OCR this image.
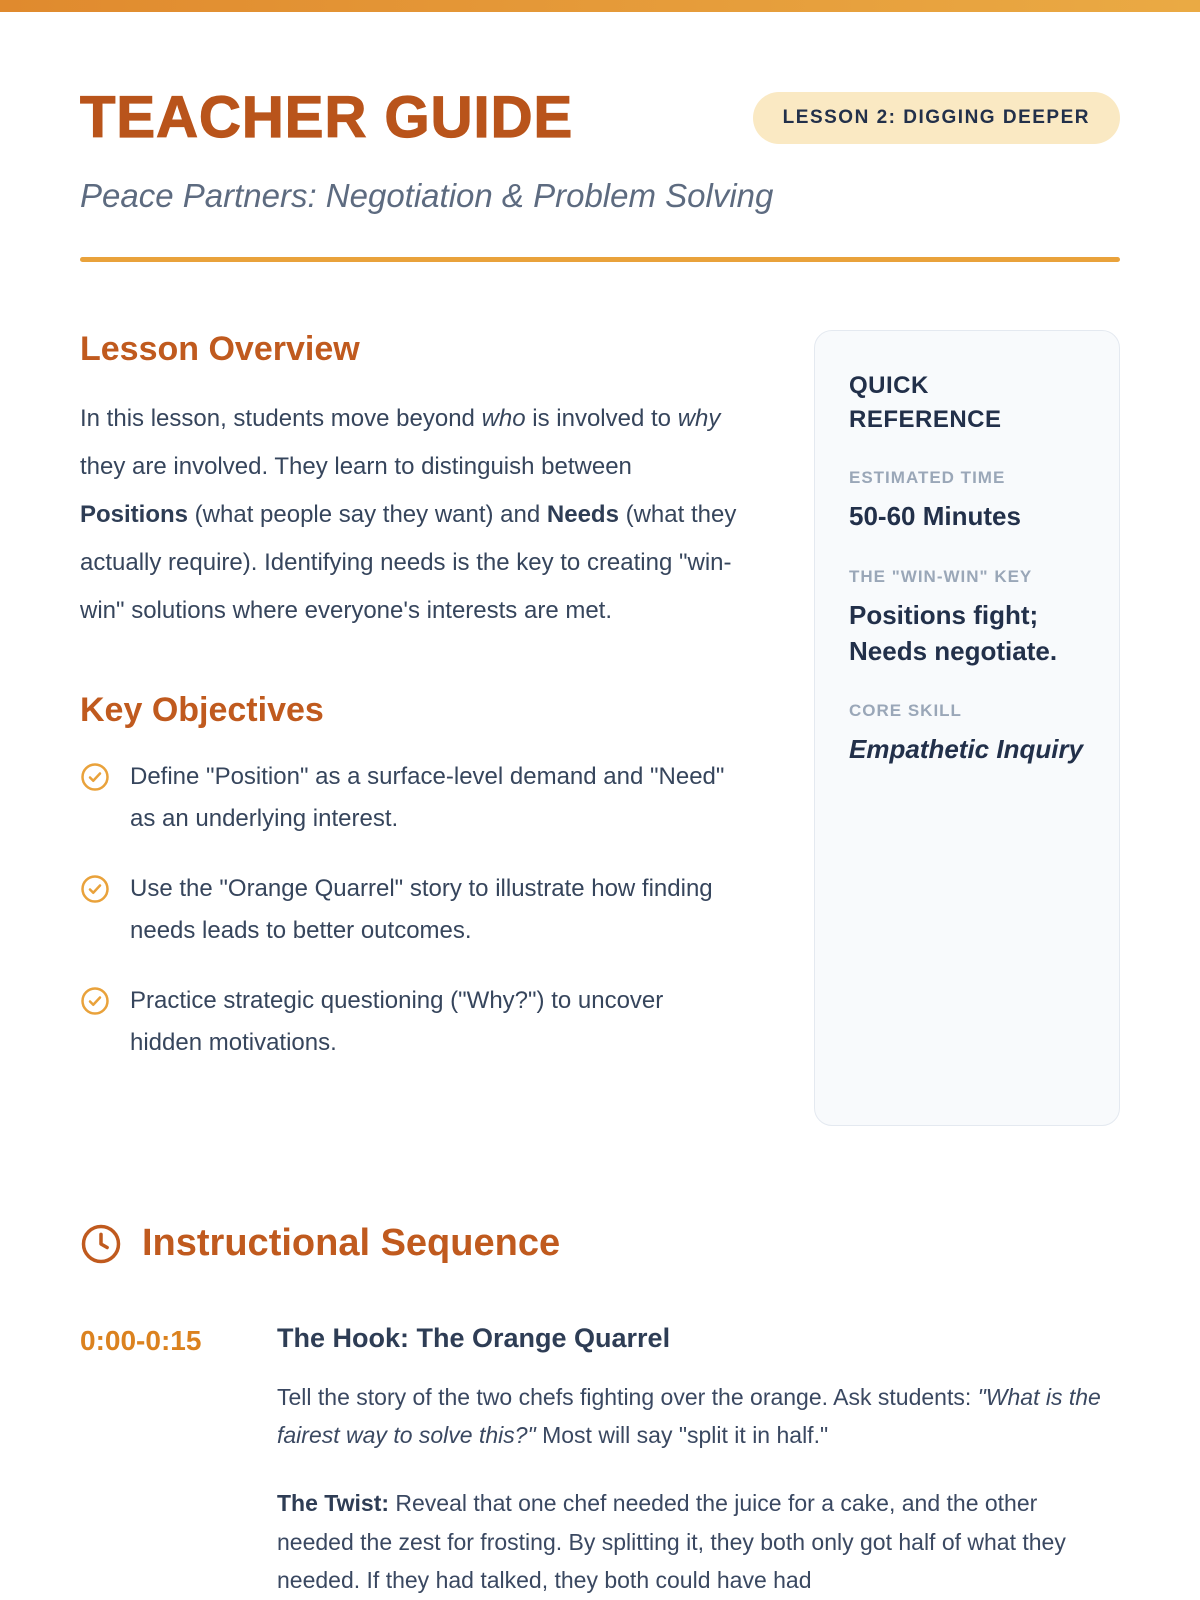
TEACHER GUIDE	LESSON 2: DIGGING DEEPER
Peace Partners: Negotiation & Problem Solving
Lesson Overview

In this lesson, students move beyond who is involved to why they are involved. They learn to distinguish between Positions (what people say they want) and Needs (what they actually require). Identifying needs is the key to creating "win-win" solutions where everyone's interests are met.

Key Objectives
Define "Position" as a surface-level demand and "Need" as an underlying interest.
Use the "Orange Quarrel" story to illustrate how finding needs leads to better outcomes.
Practice strategic questioning ("Why?") to uncover hidden motivations.
QUICK REFERENCE
ESTIMATED TIME
50-60 Minutes
THE "WIN-WIN" KEY
Positions fight; Needs negotiate.
CORE SKILL
Empathetic Inquiry
Instructional Sequence
0:00-0:15	The Hook: The Orange Quarrel

Tell the story of the two chefs fighting over the orange. Ask students: "What is the fairest way to solve this?" Most will say "split it in half."

The Twist: Reveal that one chef needed the juice for a cake, and the other needed the zest for frosting. By splitting it, they both only got half of what they needed. If they had talked, they both could have had
